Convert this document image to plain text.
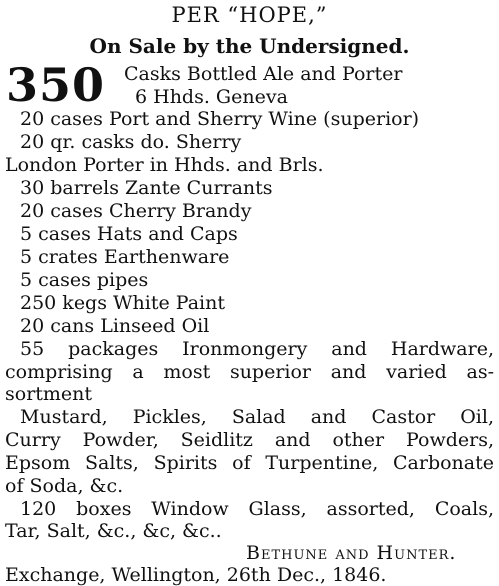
PER “HOPE,”
On Sale by the Undersigned.
350 Casks Bottled Ale and Porter
6 Hhds. Geneva
20 cases Port and Sherry Wine (superior)
20 qr. casks do. Sherry
London Porter in Hhds. and Brls.
30 barrels Zante Currants
20 cases Cherry Brandy
5 cases Hats and Caps
5 crates Earthenware
5 cases pipes
250 kegs White Paint
20 cans Linseed Oil
55 packages Ironmongery and Hardware,
comprising a most superior and varied as-
sortment
Mustard, Pickles, Salad and Castor Oil,
Curry Powder, Seidlitz and other Powders,
Epsom Salts, Spirits of Turpentine, Carbonate
of Soda, &c.
120 boxes Window Glass, assorted, Coals,
Tar, Salt, &c., &c, &c..
Bethune and Hunter.
Exchange, Wellington, 26th Dec., 1846.
